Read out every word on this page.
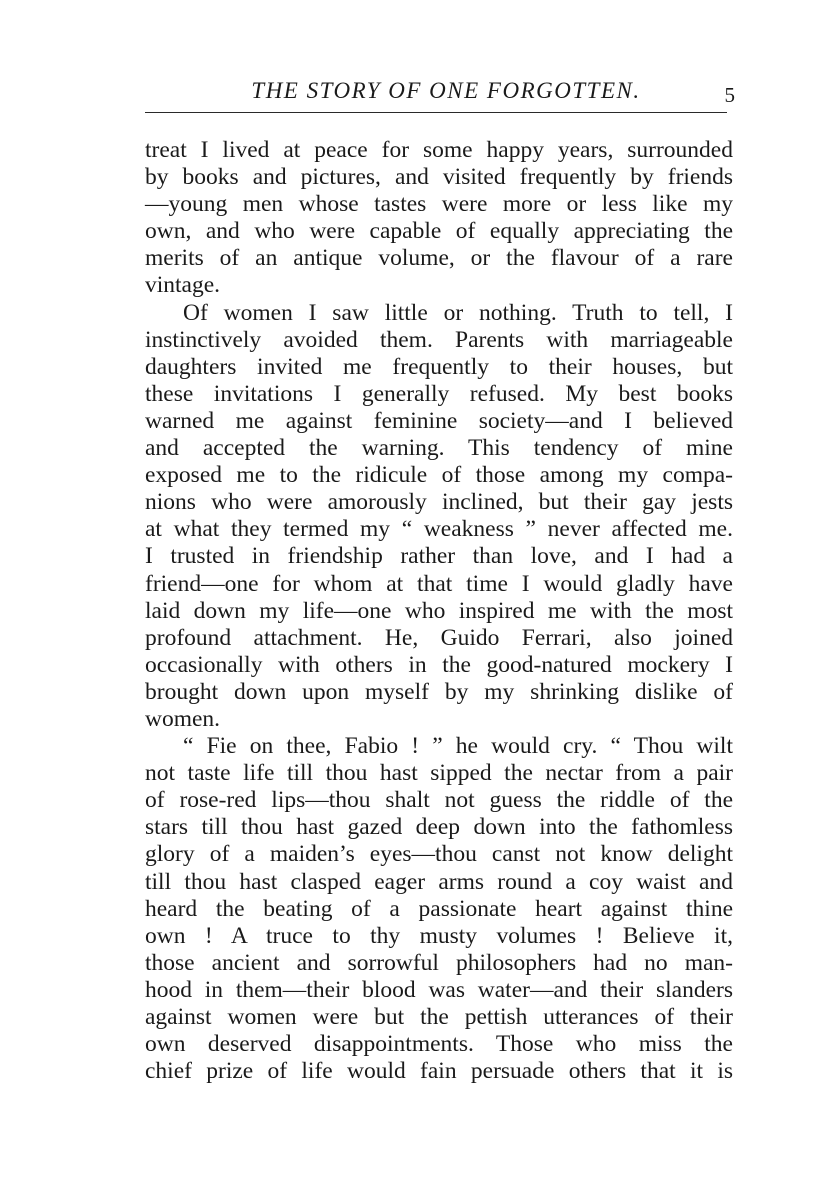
THE STORY OF ONE FORGOTTEN.	5
treat I lived at peace for some happy years, surrounded
by books and pictures, and visited frequently by friends
—young men whose tastes were more or less like my
own, and who were capable of equally appreciating the
merits of an antique volume, or the flavour of a rare
vintage.
Of women I saw little or nothing. Truth to tell, I
instinctively avoided them. Parents with marriageable
daughters invited me frequently to their houses, but
these invitations I generally refused. My best books
warned me against feminine society—and I believed
and accepted the warning. This tendency of mine
exposed me to the ridicule of those among my compa-
nions who were amorously inclined, but their gay jests
at what they termed my “ weakness ” never affected me.
I trusted in friendship rather than love, and I had a
friend—one for whom at that time I would gladly have
laid down my life—one who inspired me with the most
profound attachment. He, Guido Ferrari, also joined
occasionally with others in the good-natured mockery I
brought down upon myself by my shrinking dislike of
women.
“ Fie on thee, Fabio ! ” he would cry. “ Thou wilt
not taste life till thou hast sipped the nectar from a pair
of rose-red lips—thou shalt not guess the riddle of the
stars till thou hast gazed deep down into the fathomless
glory of a maiden’s eyes—thou canst not know delight
till thou hast clasped eager arms round a coy waist and
heard the beating of a passionate heart against thine
own ! A truce to thy musty volumes ! Believe it,
those ancient and sorrowful philosophers had no man-
hood in them—their blood was water—and their slanders
against women were but the pettish utterances of their
own deserved disappointments. Those who miss the
chief prize of life would fain persuade others that it is
